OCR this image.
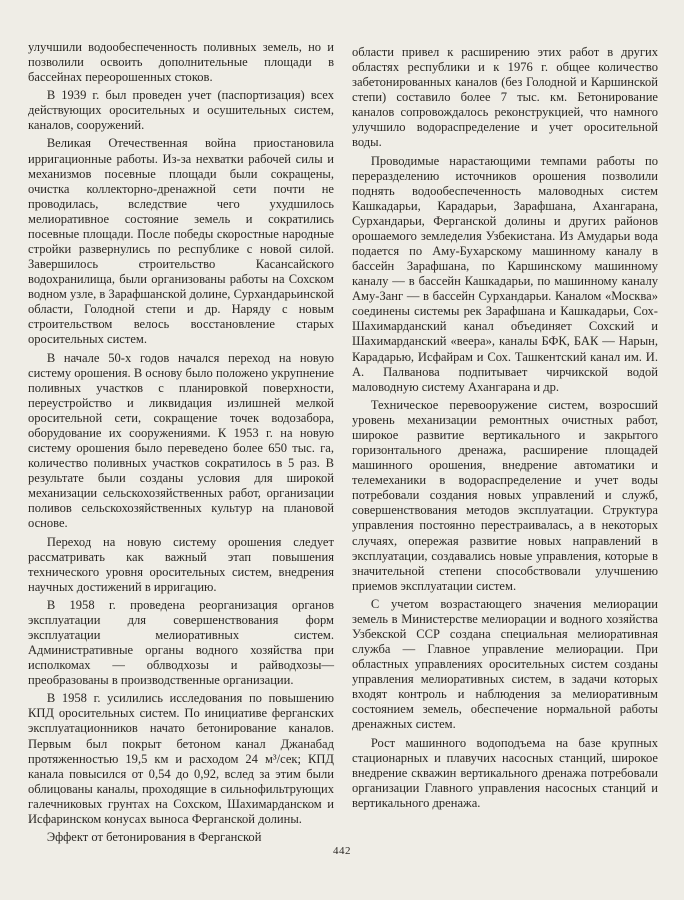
улучшили водообеспеченность поливных земель, но и позволили освоить дополнительные площади в бассейнах переорошенных стоков.

В 1939 г. был проведен учет (паспортизация) всех действующих оросительных и осушительных систем, каналов, сооружений.

Великая Отечественная война приостановила ирригационные работы. Из-за нехватки рабочей силы и механизмов посевные площади были сокращены, очистка коллекторно-дренажной сети почти не проводилась, вследствие чего ухудшилось мелиоративное состояние земель и сократились посевные площади. После победы скоростные народные стройки развернулись по республике с новой силой. Завершилось строительство Касансайского водохранилища, были организованы работы на Сохском водном узле, в Зарафшанской долине, Сурхандарьинской области, Голодной степи и др. Наряду с новым строительством велось восстановление старых оросительных систем.

В начале 50-х годов начался переход на новую систему орошения. В основу было положено укрупнение поливных участков с планировкой поверхности, переустройство и ликвидация излишней мелкой оросительной сети, сокращение точек водозабора, оборудование их сооружениями. К 1953 г. на новую систему орошения было переведено более 650 тыс. га, количество поливных участков сократилось в 5 раз. В результате были созданы условия для широкой механизации сельскохозяйственных работ, организации поливов сельскохозяйственных культур на плановой основе.

Переход на новую систему орошения следует рассматривать как важный этап повышения технического уровня оросительных систем, внедрения научных достижений в ирригацию.

В 1958 г. проведена реорганизация органов эксплуатации для совершенствования форм эксплуатации мелиоративных систем. Административные органы водного хозяйства при исполкомах — облводхозы и райводхозы—преобразованы в производственные организации.

В 1958 г. усилились исследования по повышению КПД оросительных систем. По инициативе ферганских эксплуатационников начато бетонирование каналов. Первым был покрыт бетоном канал Джанабад протяженностью 19,5 км и расходом 24 м³/сек; КПД канала повысился от 0,54 до 0,92, вслед за этим были облицованы каналы, проходящие в сильнофильтрующих галечниковых грунтах на Сохском, Шахимарданском и Исфаринском конусах выноса Ферганской долины.

Эффект от бетонирования в Ферганской

области привел к расширению этих работ в других областях республики и к 1976 г. общее количество забетонированных каналов (без Голодной и Каршинской степи) составило более 7 тыс. км. Бетонирование каналов сопровождалось реконструкцией, что намного улучшило водораспределение и учет оросительной воды.

Проводимые нарастающими темпами работы по переразделению источников орошения позволили поднять водообеспеченность маловодных систем Кашкадарьи, Карадарьи, Зарафшана, Ахангарана, Сурхандарьи, Ферганской долины и других районов орошаемого земледелия Узбекистана. Из Амударьи вода подается по Аму-Бухарскому машинному каналу в бассейн Зарафшана, по Каршинскому машинному каналу — в бассейн Кашкадарьи, по машинному каналу Аму-Занг — в бассейн Сурхандарьи. Каналом «Москва» соединены системы рек Зарафшана и Кашкадарьи, Сох-Шахимарданский канал объединяет Сохский и Шахимарданский «веера», каналы БФК, БАК — Нарын, Карадарью, Исфайрам и Сох. Ташкентский канал им. И. А. Палванова подпитывает чирчикской водой маловодную систему Ахангарана и др.

Техническое перевооружение систем, возросший уровень механизации ремонтных очистных работ, широкое развитие вертикального и закрытого горизонтального дренажа, расширение площадей машинного орошения, внедрение автоматики и телемеханики в водораспределение и учет воды потребовали создания новых управлений и служб, совершенствования методов эксплуатации. Структура управления постоянно перестраивалась, а в некоторых случаях, опережая развитие новых направлений в эксплуатации, создавались новые управления, которые в значительной степени способствовали улучшению приемов эксплуатации систем.

С учетом возрастающего значения мелиорации земель в Министерстве мелиорации и водного хозяйства Узбекской ССР создана специальная мелиоративная служба — Главное управление мелиорации. При областных управлениях оросительных систем созданы управления мелиоративных систем, в задачи которых входят контроль и наблюдения за мелиоративным состоянием земель, обеспечение нормальной работы дренажных систем.

Рост машинного водоподъема на базе крупных стационарных и плавучих насосных станций, широкое внедрение скважин вертикального дренажа потребовали организации Главного управления насосных станций и вертикального дренажа.

442
